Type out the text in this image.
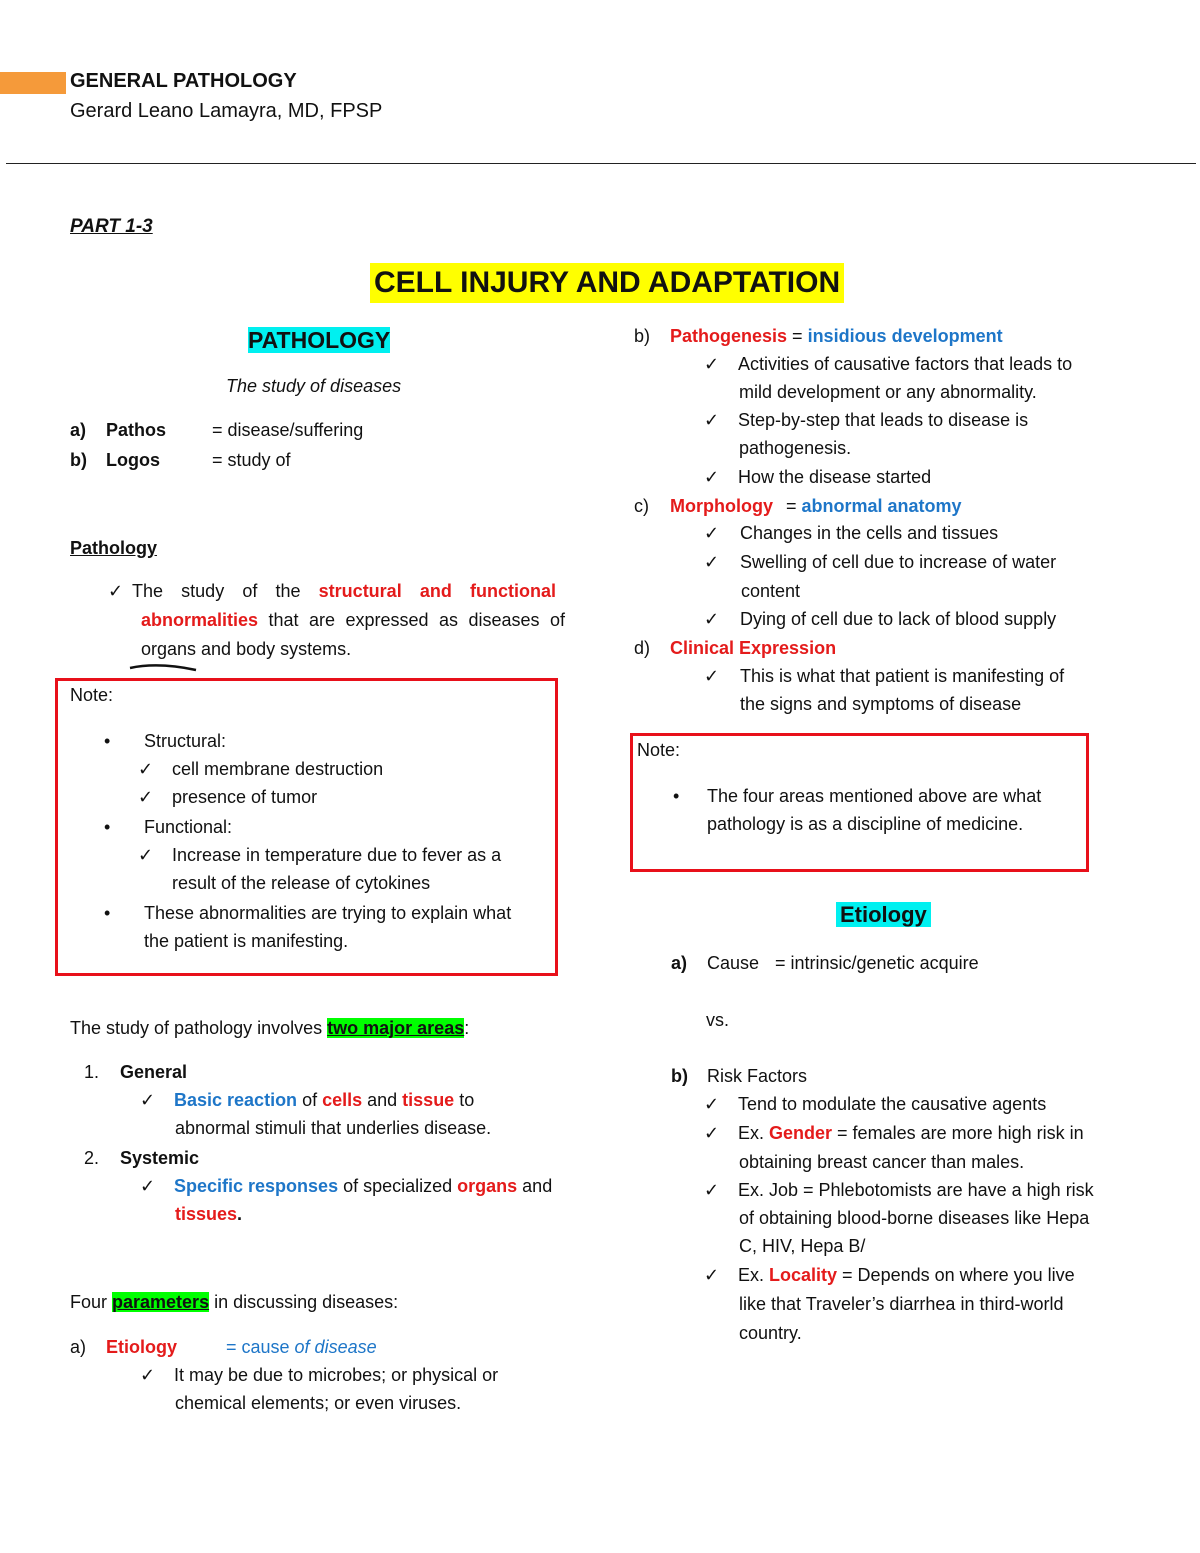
GENERAL PATHOLOGY
Gerard Leano Lamayra, MD, FPSP
PART 1-3
CELL INJURY AND ADAPTATION
PATHOLOGY
The study of diseases
a) Pathos	= disease/suffering
b) Logos	= study of
Pathology
✓ The study of the structural and functional
abnormalities that are expressed as diseases of
organs and body systems.
Note:
• Structural:
✓ cell membrane destruction
✓ presence of tumor
• Functional:
✓ Increase in temperature due to fever as a
result of the release of cytokines
• These abnormalities are trying to explain what
the patient is manifesting.
The study of pathology involves two major areas:
1. General
✓ Basic reaction of cells and tissue to
abnormal stimuli that underlies disease.
2. Systemic
✓ Specific responses of specialized organs and
tissues.
Four parameters in discussing diseases:
a) Etiology	= cause of disease
✓ It may be due to microbes; or physical or
chemical elements; or even viruses.
b) Pathogenesis = insidious development
✓ Activities of causative factors that leads to
mild development or any abnormality.
✓ Step-by-step that leads to disease is
pathogenesis.
✓ How the disease started
c) Morphology = abnormal anatomy
✓ Changes in the cells and tissues
✓ Swelling of cell due to increase of water
content
✓ Dying of cell due to lack of blood supply
d) Clinical Expression
✓ This is what that patient is manifesting of
the signs and symptoms of disease
Note:
• The four areas mentioned above are what
pathology is as a discipline of medicine.
Etiology
a) Cause = intrinsic/genetic acquire
vs.
b) Risk Factors
✓ Tend to modulate the causative agents
✓ Ex. Gender = females are more high risk in
obtaining breast cancer than males.
✓ Ex. Job = Phlebotomists are have a high risk
of obtaining blood-borne diseases like Hepa
C, HIV, Hepa B/
✓ Ex. Locality = Depends on where you live
like that Traveler’s diarrhea in third-world
country.
